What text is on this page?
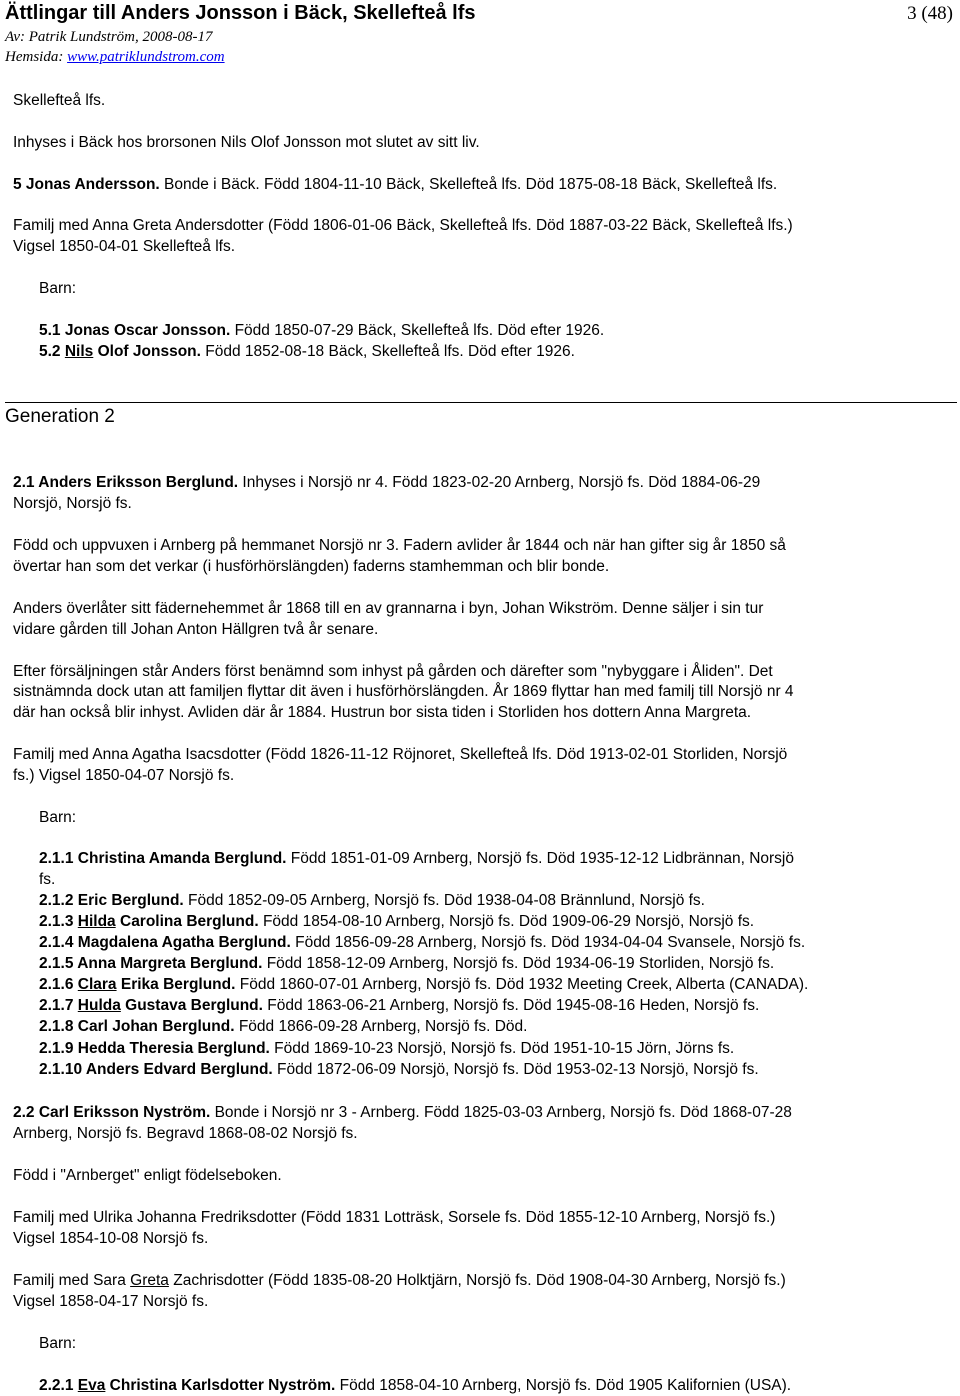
Ättlingar till Anders Jonsson i Bäck, Skellefteå lfs	3 (48)
Av: Patrik Lundström, 2008-08-17
Hemsida: www.patriklundstrom.com
Skellefteå lfs.
Inhyses i Bäck hos brorsonen Nils Olof Jonsson mot slutet av sitt liv.
5 Jonas Andersson. Bonde i Bäck. Född 1804-11-10 Bäck, Skellefteå lfs. Död 1875-08-18 Bäck, Skellefteå lfs.
Familj med Anna Greta Andersdotter (Född 1806-01-06 Bäck, Skellefteå lfs. Död 1887-03-22 Bäck, Skellefteå lfs.)
Vigsel 1850-04-01 Skellefteå lfs.
Barn:
5.1 Jonas Oscar Jonsson. Född 1850-07-29 Bäck, Skellefteå lfs. Död efter 1926.
5.2 Nils Olof Jonsson. Född 1852-08-18 Bäck, Skellefteå lfs. Död efter 1926.
Generation 2
2.1 Anders Eriksson Berglund. Inhyses i Norsjö nr 4. Född 1823-02-20 Arnberg, Norsjö fs. Död 1884-06-29
Norsjö, Norsjö fs.
Född och uppvuxen i Arnberg på hemmanet Norsjö nr 3. Fadern avlider år 1844 och när han gifter sig år 1850 så
övertar han som det verkar (i husförhörslängden) faderns stamhemman och blir bonde.
Anders överlåter sitt fädernehemmet år 1868 till en av grannarna i byn, Johan Wikström. Denne säljer i sin tur
vidare gården till Johan Anton Hällgren två år senare.
Efter försäljningen står Anders först benämnd som inhyst på gården och därefter som "nybyggare i Åliden". Det
sistnämnda dock utan att familjen flyttar dit även i husförhörslängden. År 1869 flyttar han med familj till Norsjö nr 4
där han också blir inhyst. Avliden där år 1884. Hustrun bor sista tiden i Storliden hos dottern Anna Margreta.
Familj med Anna Agatha Isacsdotter (Född 1826-11-12 Röjnoret, Skellefteå lfs. Död 1913-02-01 Storliden, Norsjö
fs.) Vigsel 1850-04-07 Norsjö fs.
Barn:
2.1.1 Christina Amanda Berglund. Född 1851-01-09 Arnberg, Norsjö fs. Död 1935-12-12 Lidbrännan, Norsjö
fs.
2.1.2 Eric Berglund. Född 1852-09-05 Arnberg, Norsjö fs. Död 1938-04-08 Brännlund, Norsjö fs.
2.1.3 Hilda Carolina Berglund. Född 1854-08-10 Arnberg, Norsjö fs. Död 1909-06-29 Norsjö, Norsjö fs.
2.1.4 Magdalena Agatha Berglund. Född 1856-09-28 Arnberg, Norsjö fs. Död 1934-04-04 Svansele, Norsjö fs.
2.1.5 Anna Margreta Berglund. Född 1858-12-09 Arnberg, Norsjö fs. Död 1934-06-19 Storliden, Norsjö fs.
2.1.6 Clara Erika Berglund. Född 1860-07-01 Arnberg, Norsjö fs. Död 1932 Meeting Creek, Alberta (CANADA).
2.1.7 Hulda Gustava Berglund. Född 1863-06-21 Arnberg, Norsjö fs. Död 1945-08-16 Heden, Norsjö fs.
2.1.8 Carl Johan Berglund. Född 1866-09-28 Arnberg, Norsjö fs. Död.
2.1.9 Hedda Theresia Berglund. Född 1869-10-23 Norsjö, Norsjö fs. Död 1951-10-15 Jörn, Jörns fs.
2.1.10 Anders Edvard Berglund. Född 1872-06-09 Norsjö, Norsjö fs. Död 1953-02-13 Norsjö, Norsjö fs.
2.2 Carl Eriksson Nyström. Bonde i Norsjö nr 3 - Arnberg. Född 1825-03-03 Arnberg, Norsjö fs. Död 1868-07-28
Arnberg, Norsjö fs. Begravd 1868-08-02 Norsjö fs.
Född i "Arnberget" enligt födelseboken.
Familj med Ulrika Johanna Fredriksdotter (Född 1831 Lotträsk, Sorsele fs. Död 1855-12-10 Arnberg, Norsjö fs.)
Vigsel 1854-10-08 Norsjö fs.
Familj med Sara Greta Zachrisdotter (Född 1835-08-20 Holktjärn, Norsjö fs. Död 1908-04-30 Arnberg, Norsjö fs.)
Vigsel 1858-04-17 Norsjö fs.
Barn:
2.2.1 Eva Christina Karlsdotter Nyström. Född 1858-04-10 Arnberg, Norsjö fs. Död 1905 Kalifornien (USA).
